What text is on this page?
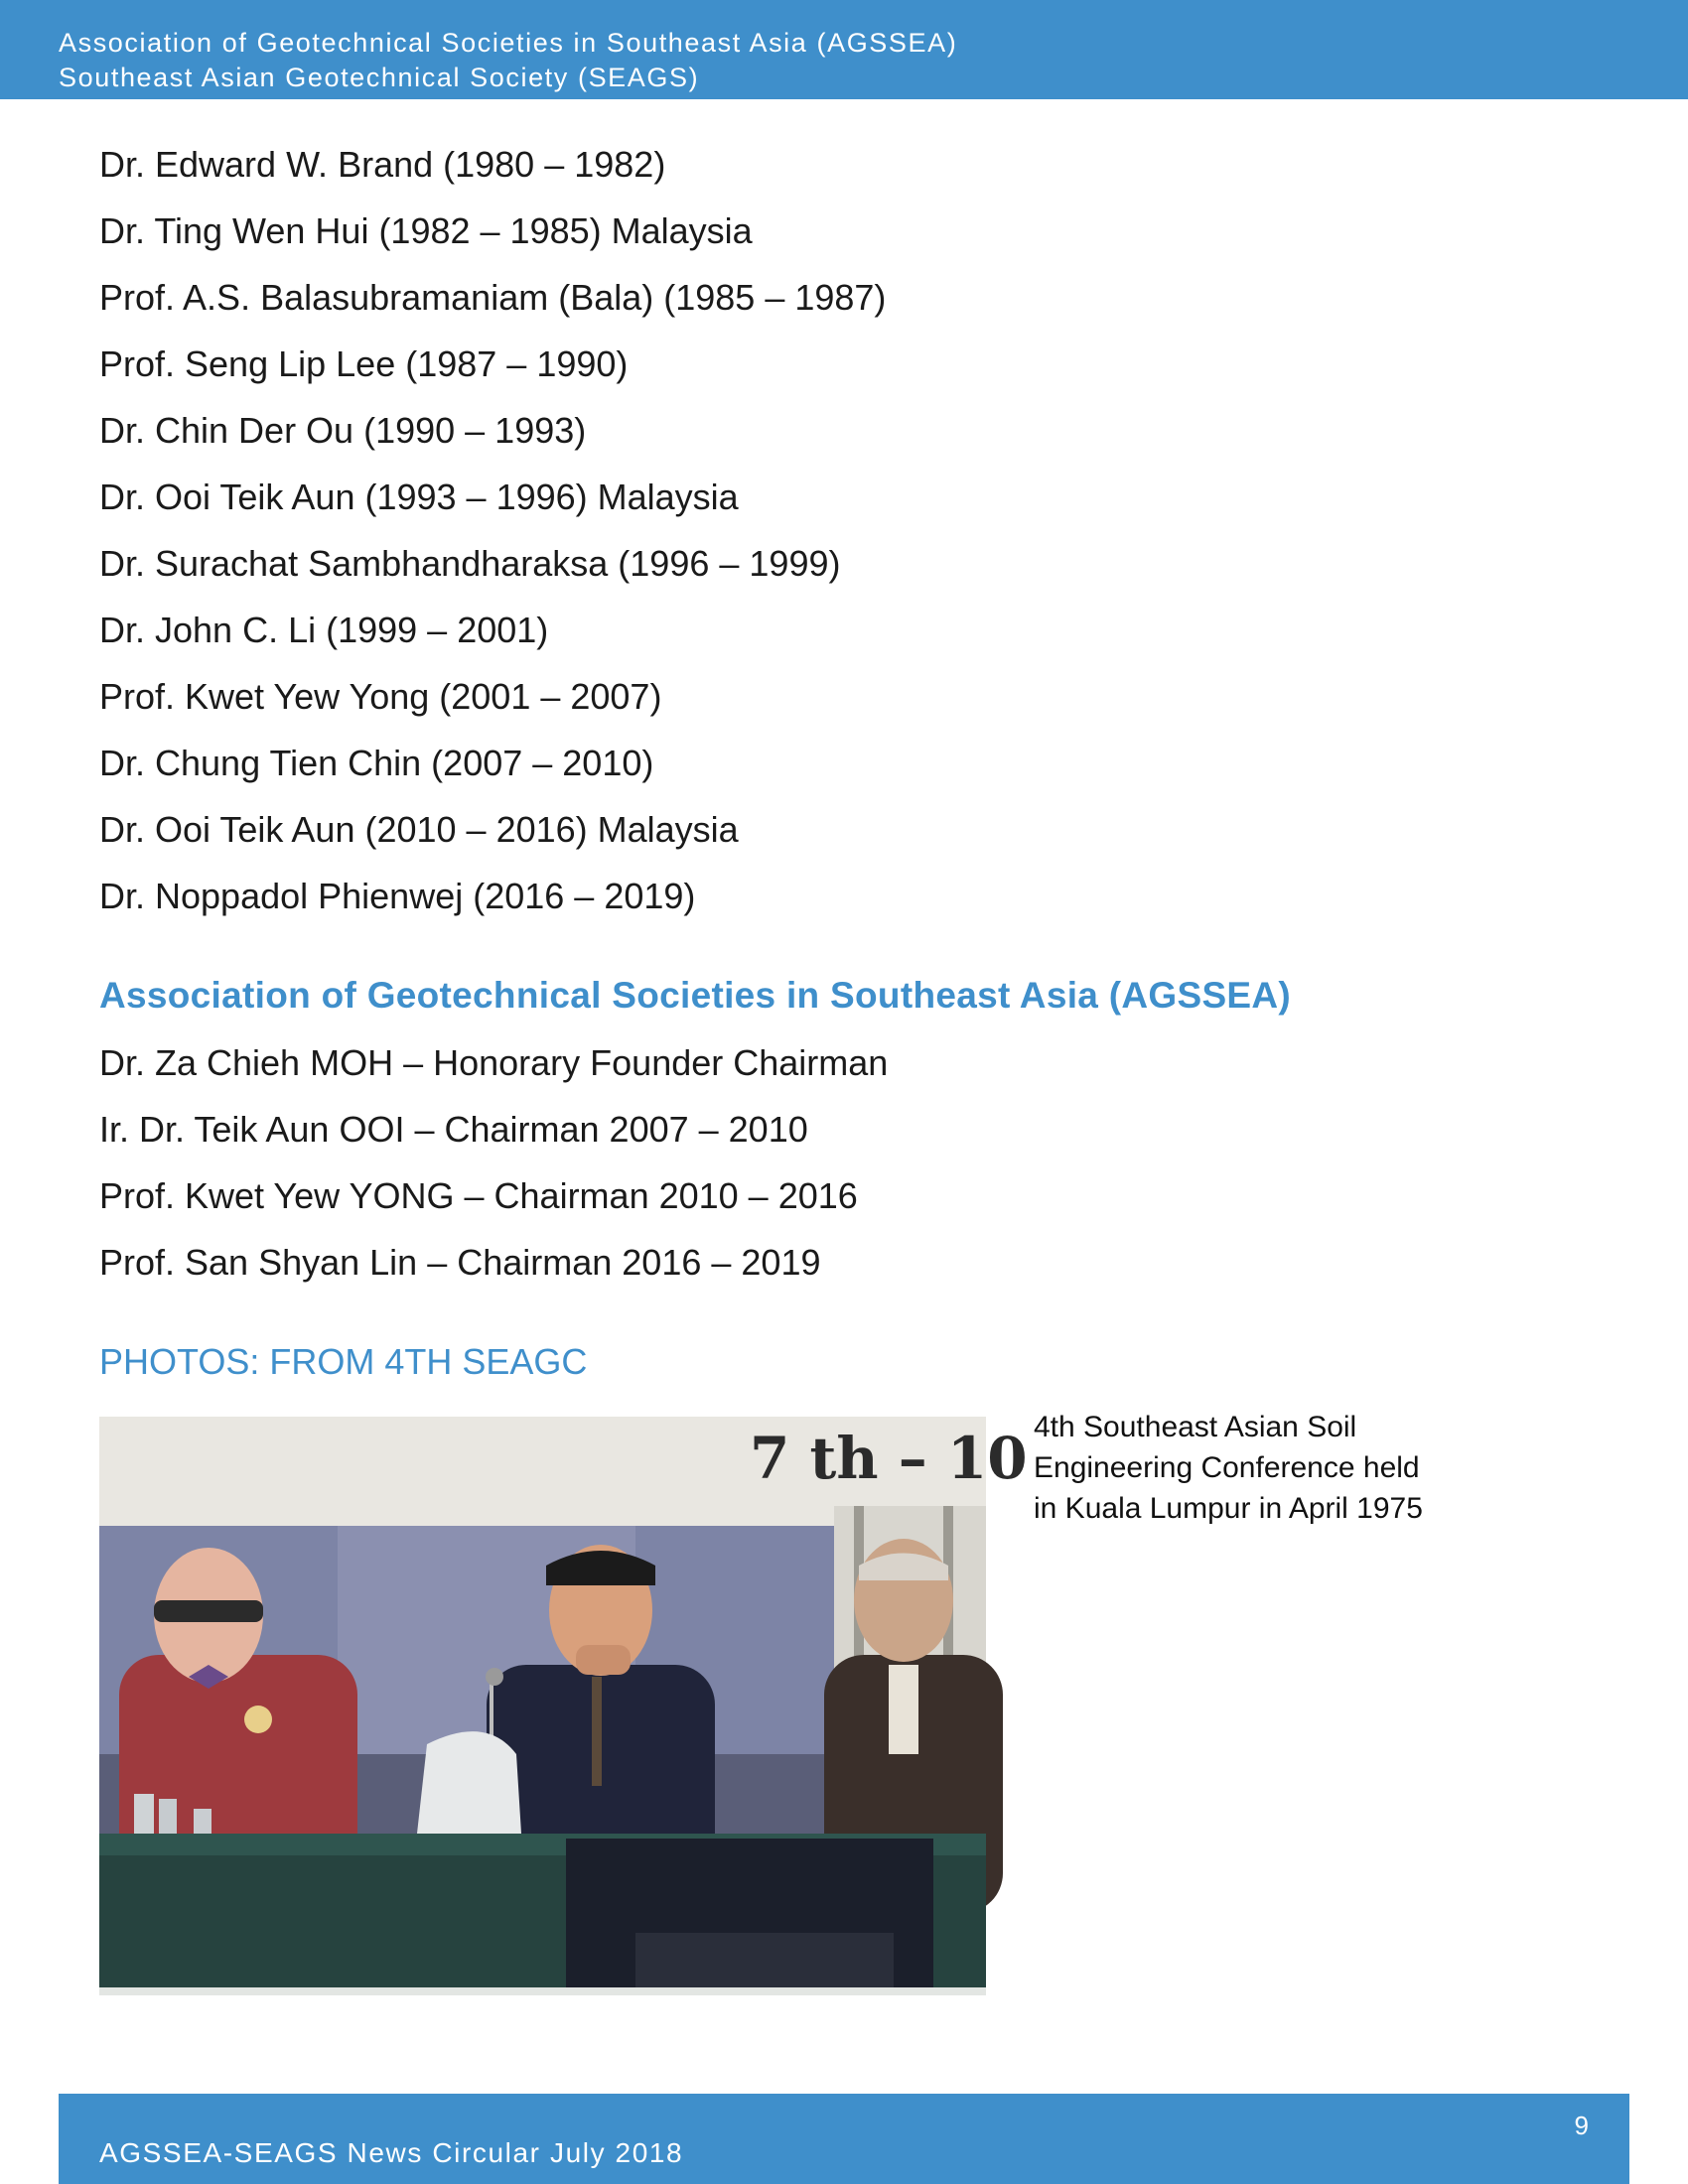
Association of Geotechnical Societies in Southeast Asia (AGSSEA)
Southeast Asian Geotechnical Society (SEAGS)
Dr. Edward W. Brand (1980 – 1982)
Dr. Ting Wen Hui (1982 – 1985) Malaysia
Prof. A.S. Balasubramaniam (Bala) (1985 – 1987)
Prof. Seng Lip Lee (1987 – 1990)
Dr. Chin Der Ou (1990 – 1993)
Dr. Ooi Teik Aun (1993 – 1996) Malaysia
Dr. Surachat Sambhandharaksa (1996 – 1999)
Dr. John C. Li (1999 – 2001)
Prof. Kwet Yew Yong (2001 – 2007)
Dr. Chung Tien Chin (2007 – 2010)
Dr. Ooi Teik Aun (2010 – 2016) Malaysia
Dr. Noppadol Phienwej (2016 – 2019)
Association of Geotechnical Societies in Southeast Asia (AGSSEA)
Dr. Za Chieh MOH – Honorary Founder Chairman
Ir. Dr. Teik Aun OOI – Chairman 2007 – 2010
Prof. Kwet Yew YONG – Chairman 2010 – 2016
Prof. San Shyan Lin – Chairman 2016 – 2019
PHOTOS: FROM 4TH SEAGC
7 th – 10 4th Southeast Asian Soil Engineering Conference held in Kuala Lumpur in April 1975
AGSSEA-SEAGS News Circular July 2018
9
